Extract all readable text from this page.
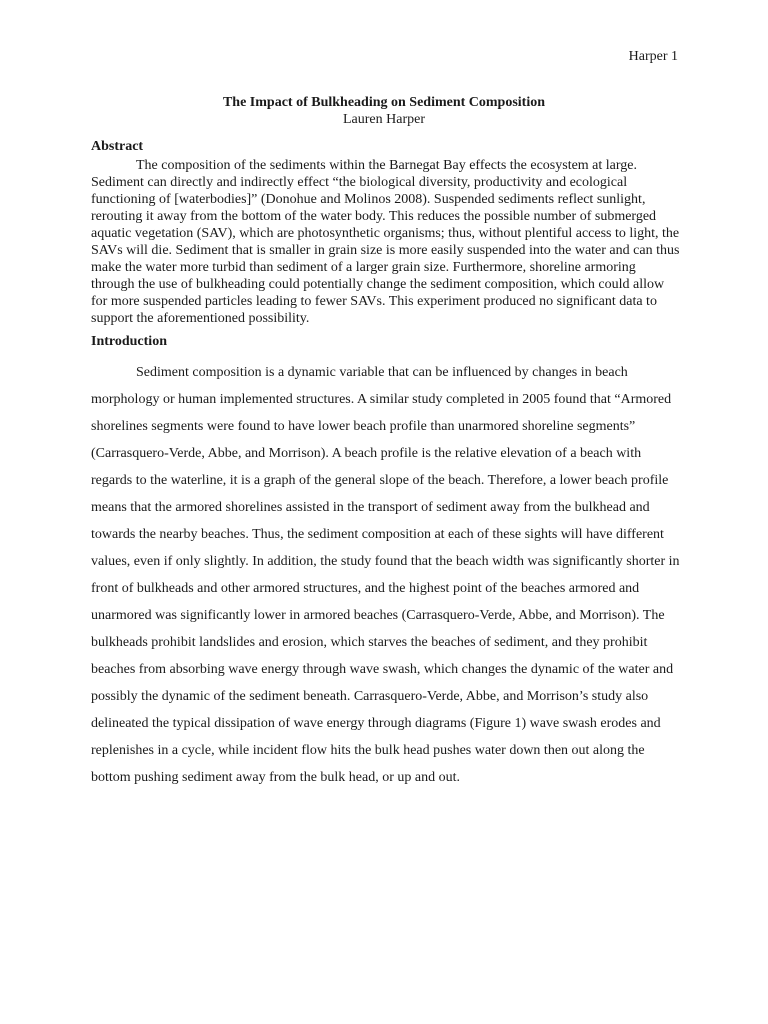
Harper 1

The Impact of Bulkheading on Sediment Composition

Lauren Harper

Abstract

The composition of the sediments within the Barnegat Bay effects the ecosystem at large. Sediment can directly and indirectly effect “the biological diversity, productivity and ecological functioning of [waterbodies]” (Donohue and Molinos 2008). Suspended sediments reflect sunlight, rerouting it away from the bottom of the water body. This reduces the possible number of submerged aquatic vegetation (SAV), which are photosynthetic organisms; thus, without plentiful access to light, the SAVs will die. Sediment that is smaller in grain size is more easily suspended into the water and can thus make the water more turbid than sediment of a larger grain size. Furthermore, shoreline armoring through the use of bulkheading could potentially change the sediment composition, which could allow for more suspended particles leading to fewer SAVs. This experiment produced no significant data to support the aforementioned possibility.

Introduction

Sediment composition is a dynamic variable that can be influenced by changes in beach morphology or human implemented structures. A similar study completed in 2005 found that “Armored shorelines segments were found to have lower beach profile than unarmored shoreline segments” (Carrasquero-Verde, Abbe, and Morrison). A beach profile is the relative elevation of a beach with regards to the waterline, it is a graph of the general slope of the beach. Therefore, a lower beach profile means that the armored shorelines assisted in the transport of sediment away from the bulkhead and towards the nearby beaches. Thus, the sediment composition at each of these sights will have different values, even if only slightly. In addition, the study found that the beach width was significantly shorter in front of bulkheads and other armored structures, and the highest point of the beaches armored and unarmored was significantly lower in armored beaches (Carrasquero-Verde, Abbe, and Morrison). The bulkheads prohibit landslides and erosion, which starves the beaches of sediment, and they prohibit beaches from absorbing wave energy through wave swash, which changes the dynamic of the water and possibly the dynamic of the sediment beneath. Carrasquero-Verde, Abbe, and Morrison’s study also delineated the typical dissipation of wave energy through diagrams (Figure 1) wave swash erodes and replenishes in a cycle, while incident flow hits the bulk head pushes water down then out along the bottom pushing sediment away from the bulk head, or up and out.
